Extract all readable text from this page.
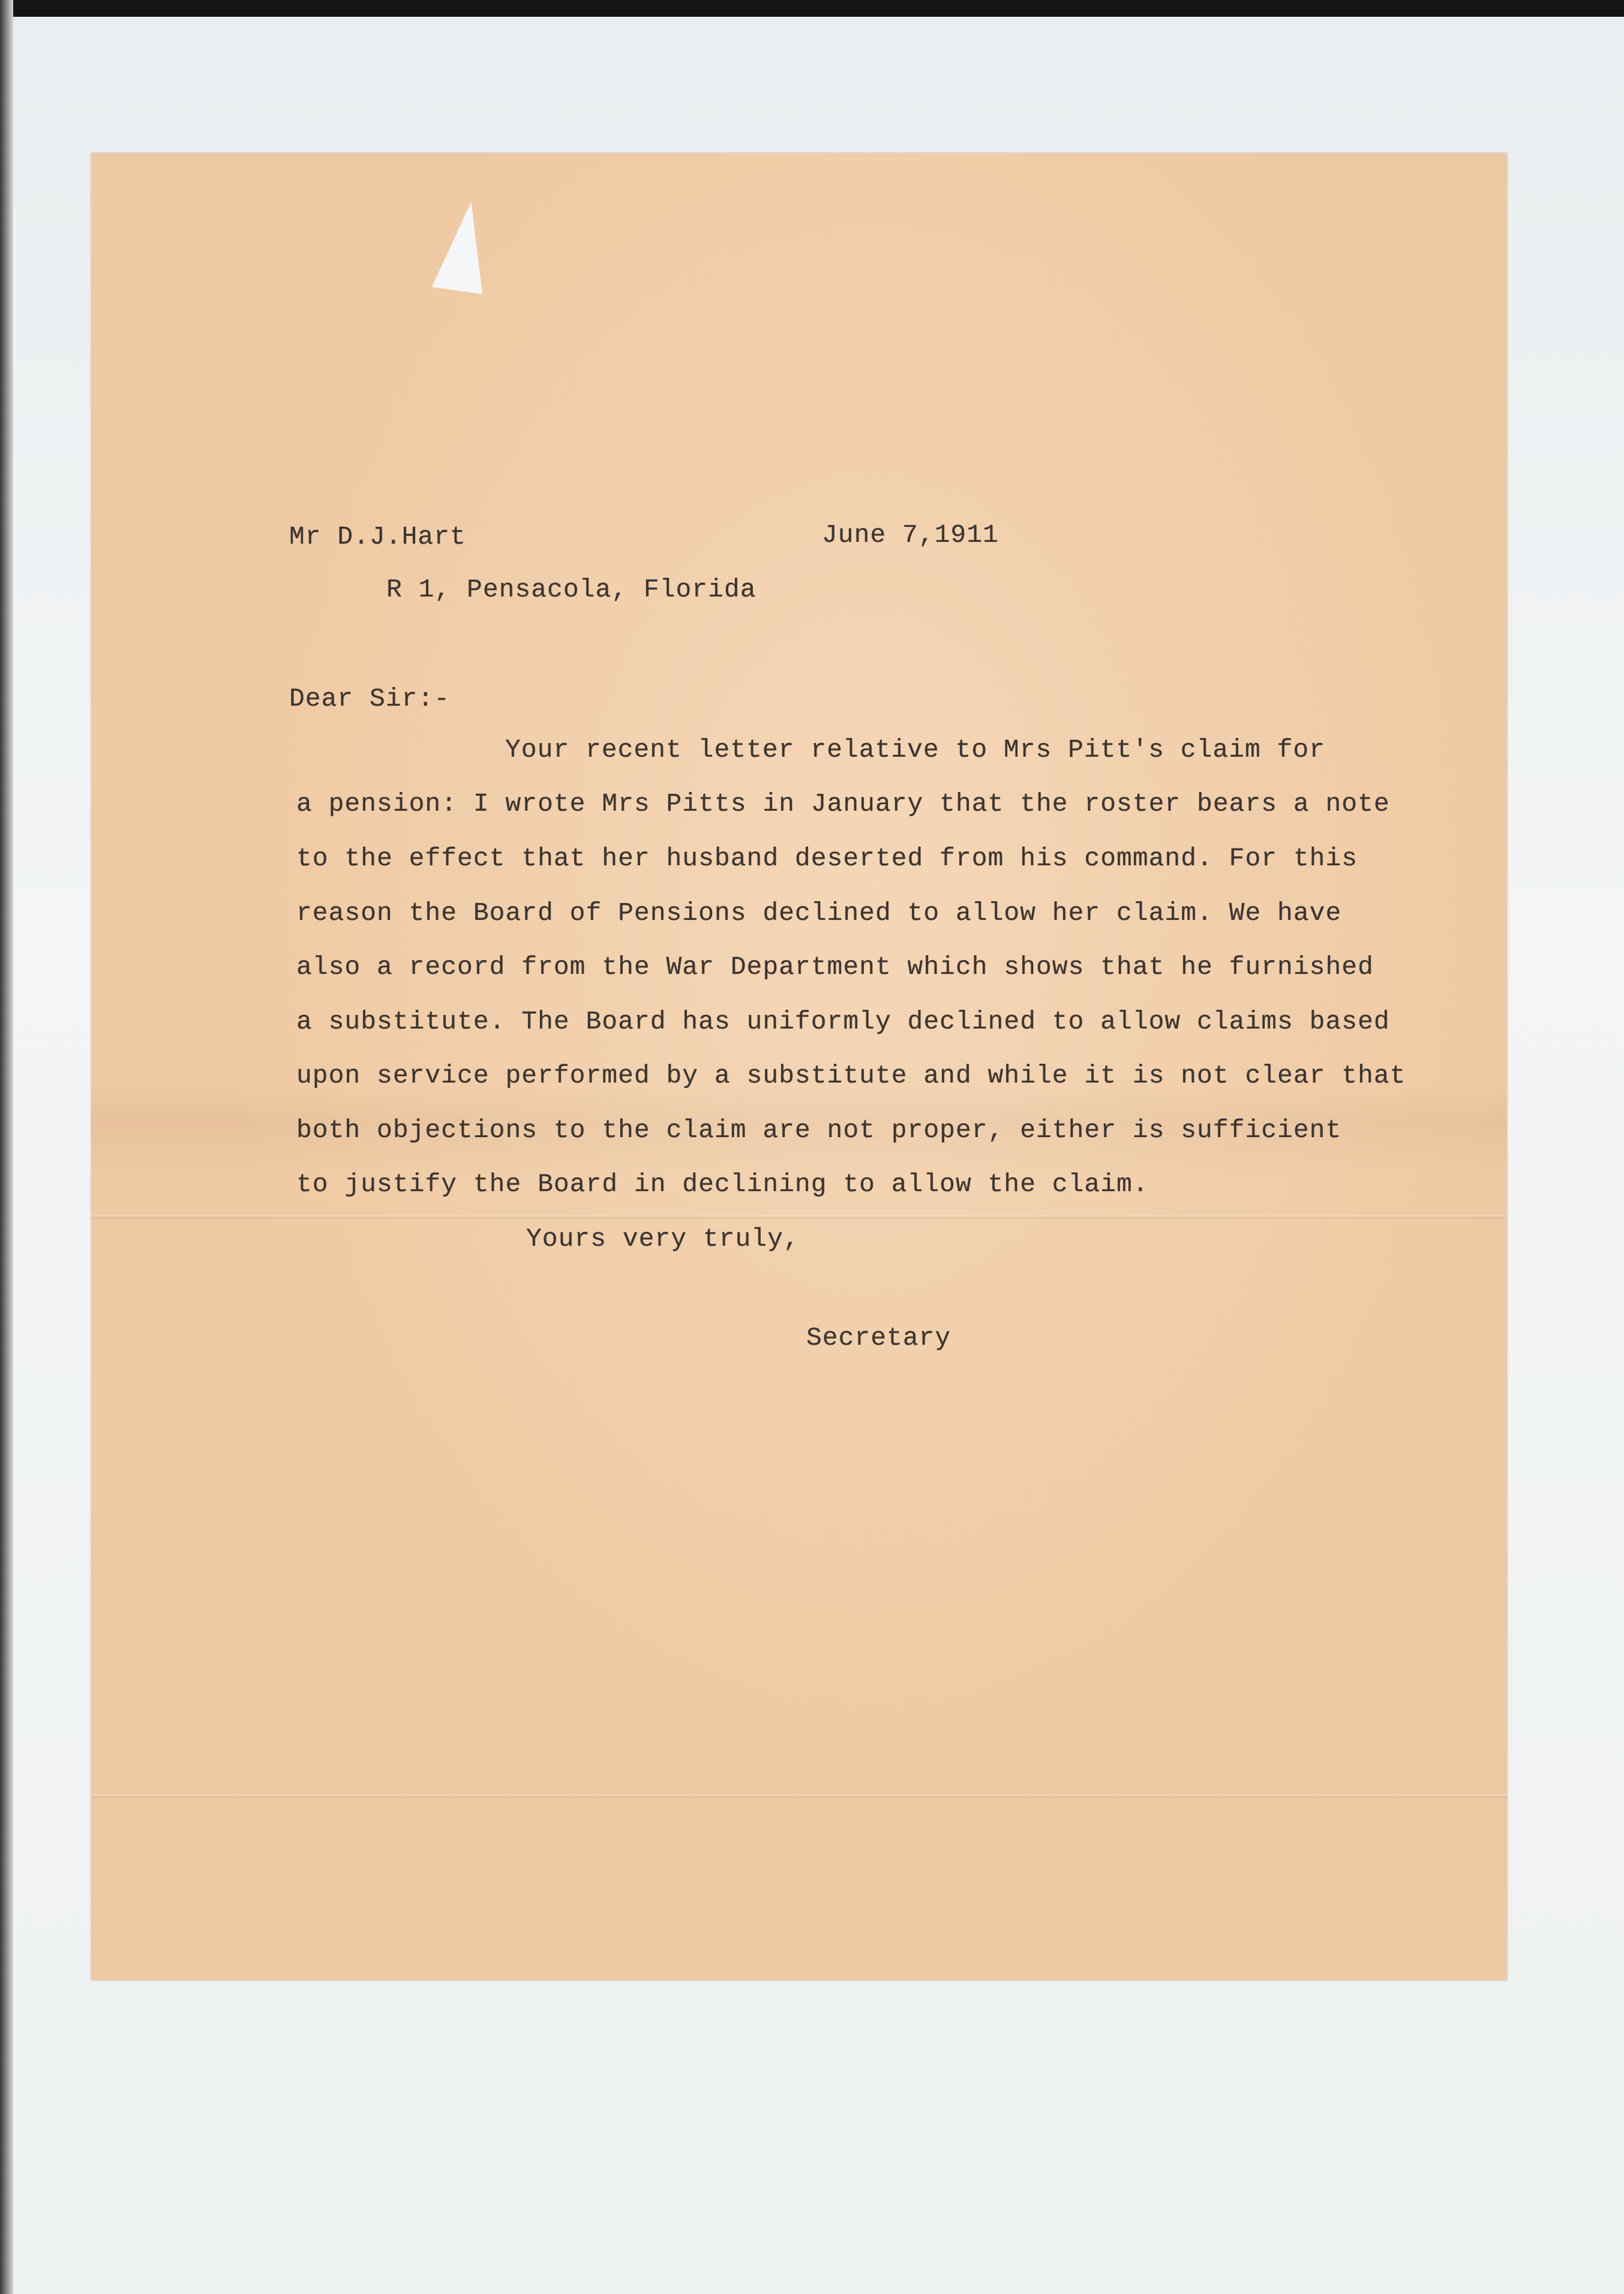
Mr D.J.Hart	June 7,1911

R 1, Pensacola, Florida

Dear Sir:-

Your recent letter relative to Mrs Pitt's claim for

a pension: I wrote Mrs Pitts in January that the roster bears a note

to the effect that her husband deserted from his command. For this

reason the Board of Pensions declined to allow her claim. We have

also a record from the War Department which shows that he furnished

a substitute. The Board has uniformly declined to allow claims based

upon service performed by a substitute and while it is not clear that

both objections to the claim are not proper, either is sufficient

to justify the Board in declining to allow the claim.

Yours very truly,

Secretary
